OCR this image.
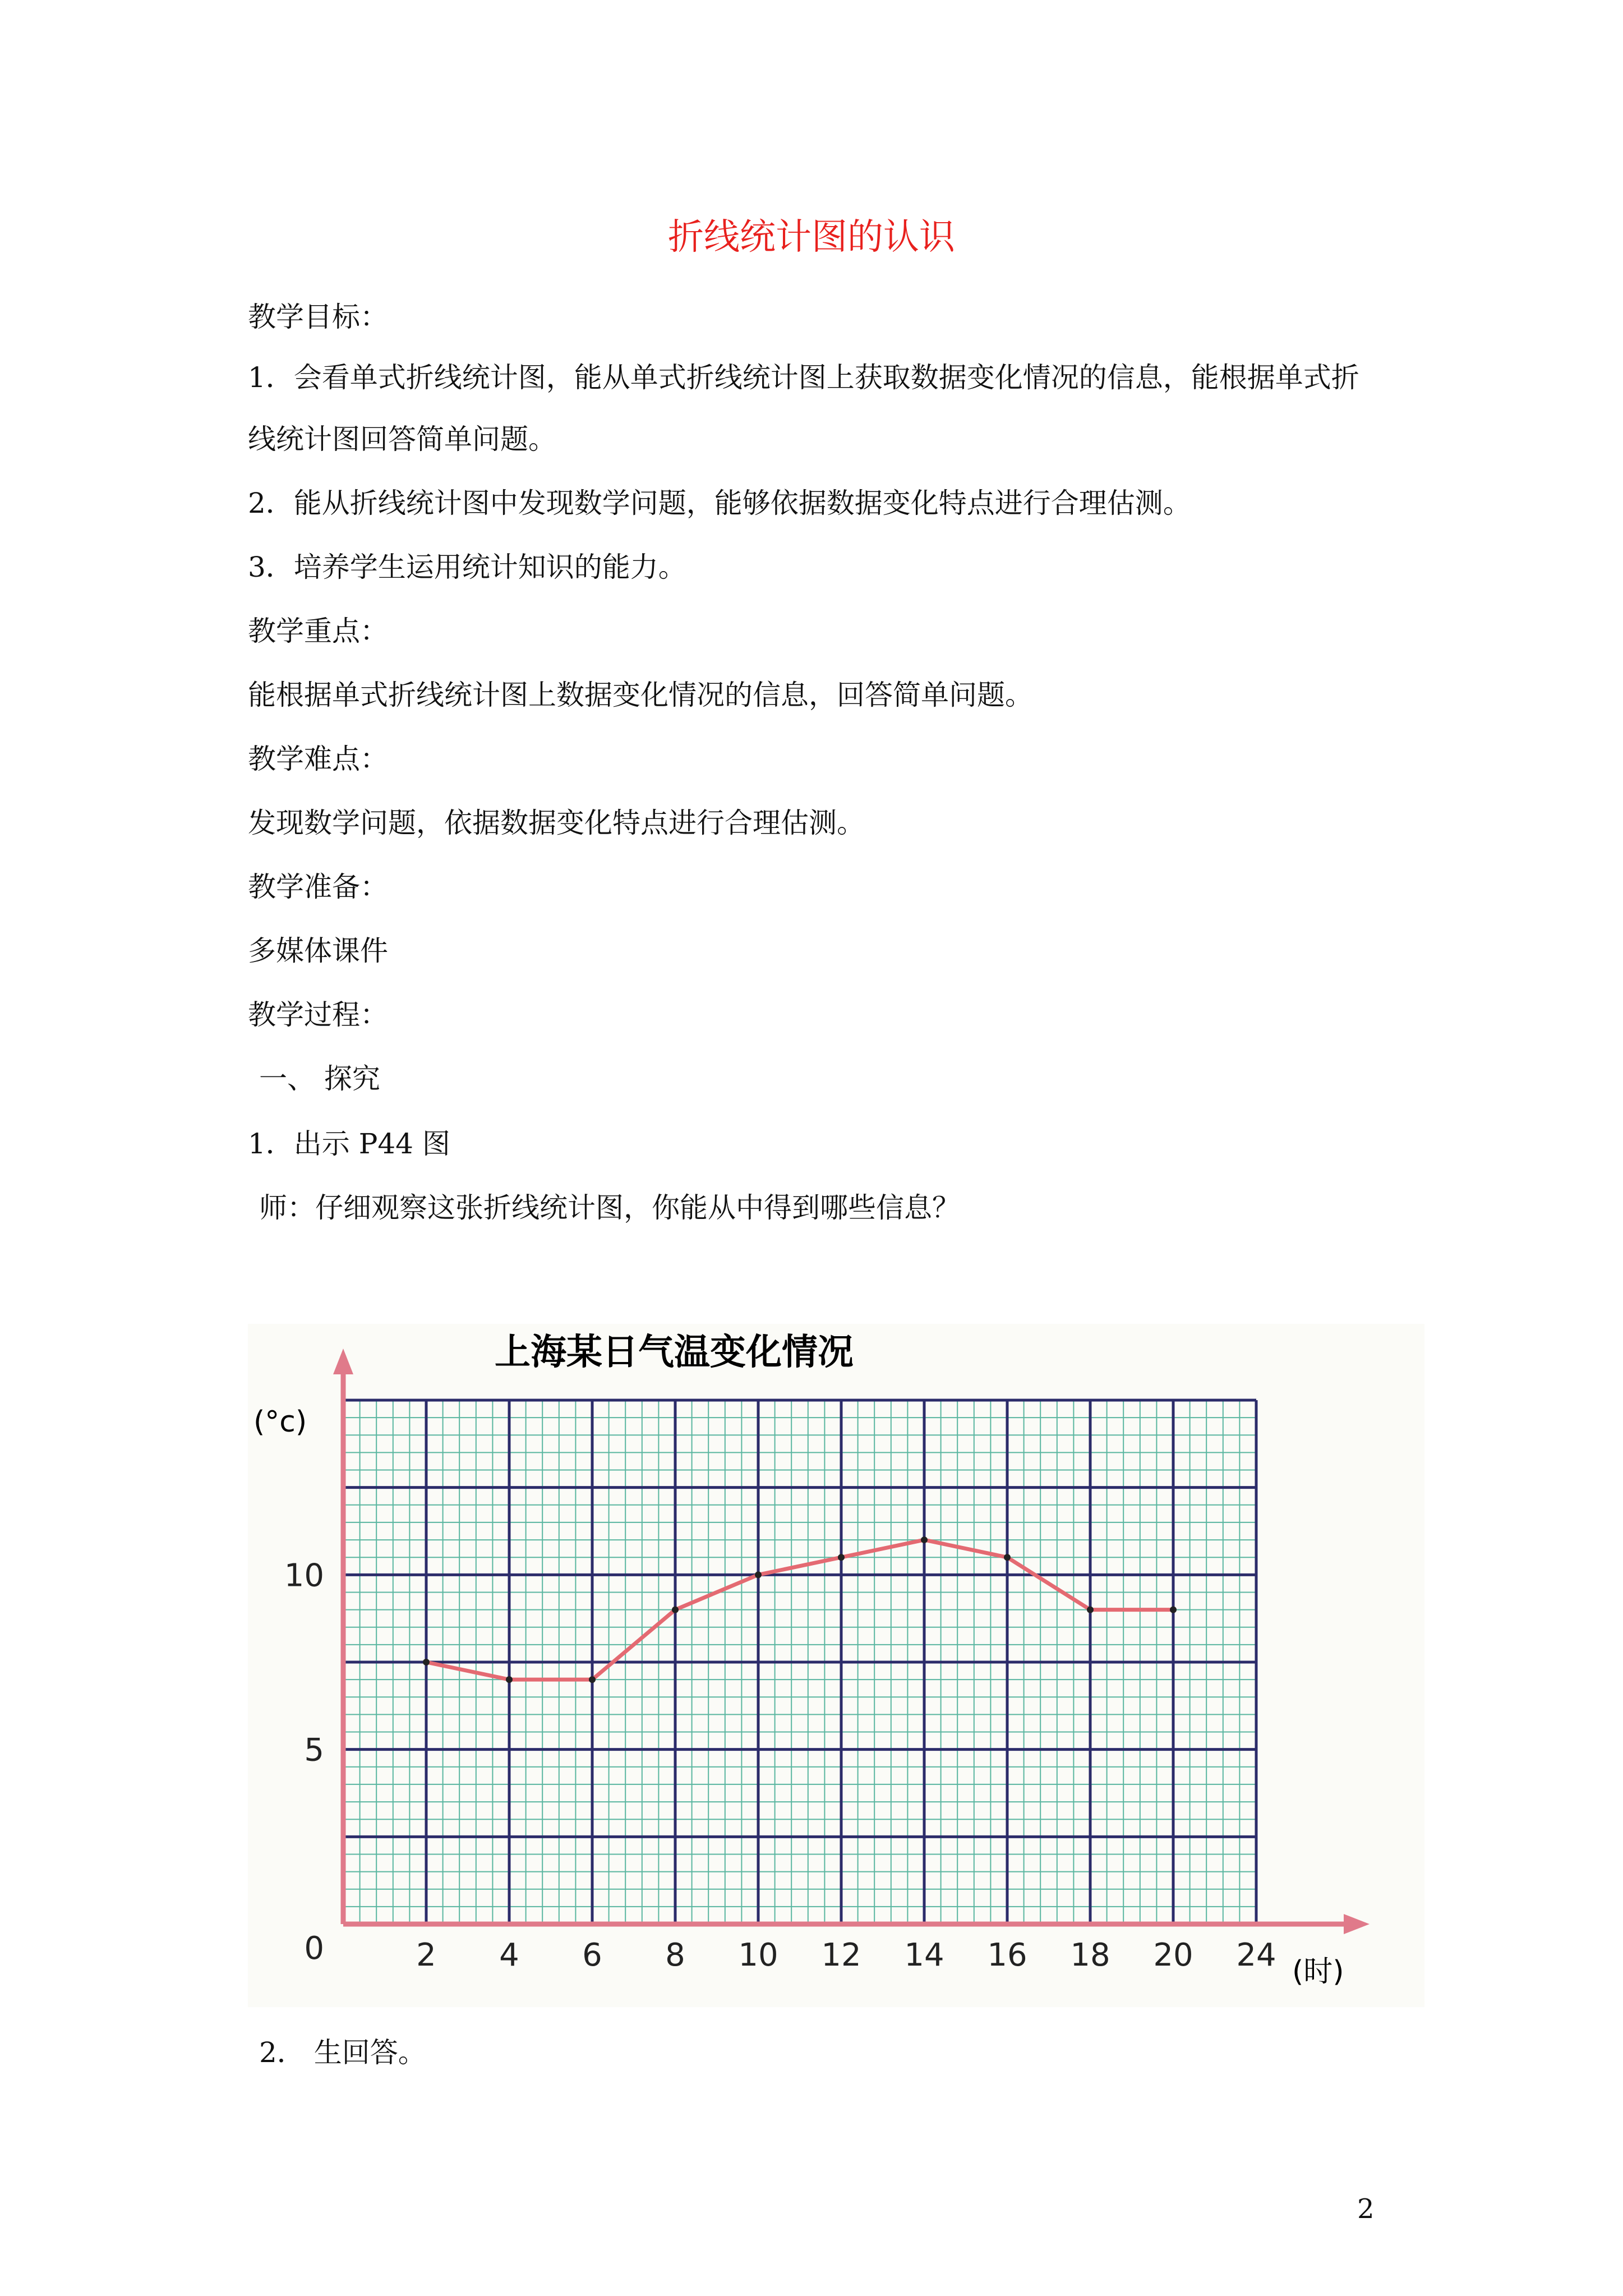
折线统计图的认识
教学目标：
1．会看单式折线统计图，能从单式折线统计图上获取数据变化情况的信息，能根据单式折
线统计图回答简单问题。
2．能从折线统计图中发现数学问题，能够依据数据变化特点进行合理估测。
3．培养学生运用统计知识的能力。
教学重点：
能根据单式折线统计图上数据变化情况的信息，回答简单问题。
教学难点：
发现数学问题，依据数据变化特点进行合理估测。
教学准备：
多媒体课件
教学过程：
一、 探究
1．出示 P44 图
师：仔细观察这张折线统计图，你能从中得到哪些信息？
上海某日气温变化情况
2 4 6 8 10 12 14 16 18 20 24
0
5
10
(°c)
(时)
2． 生回答。
2
